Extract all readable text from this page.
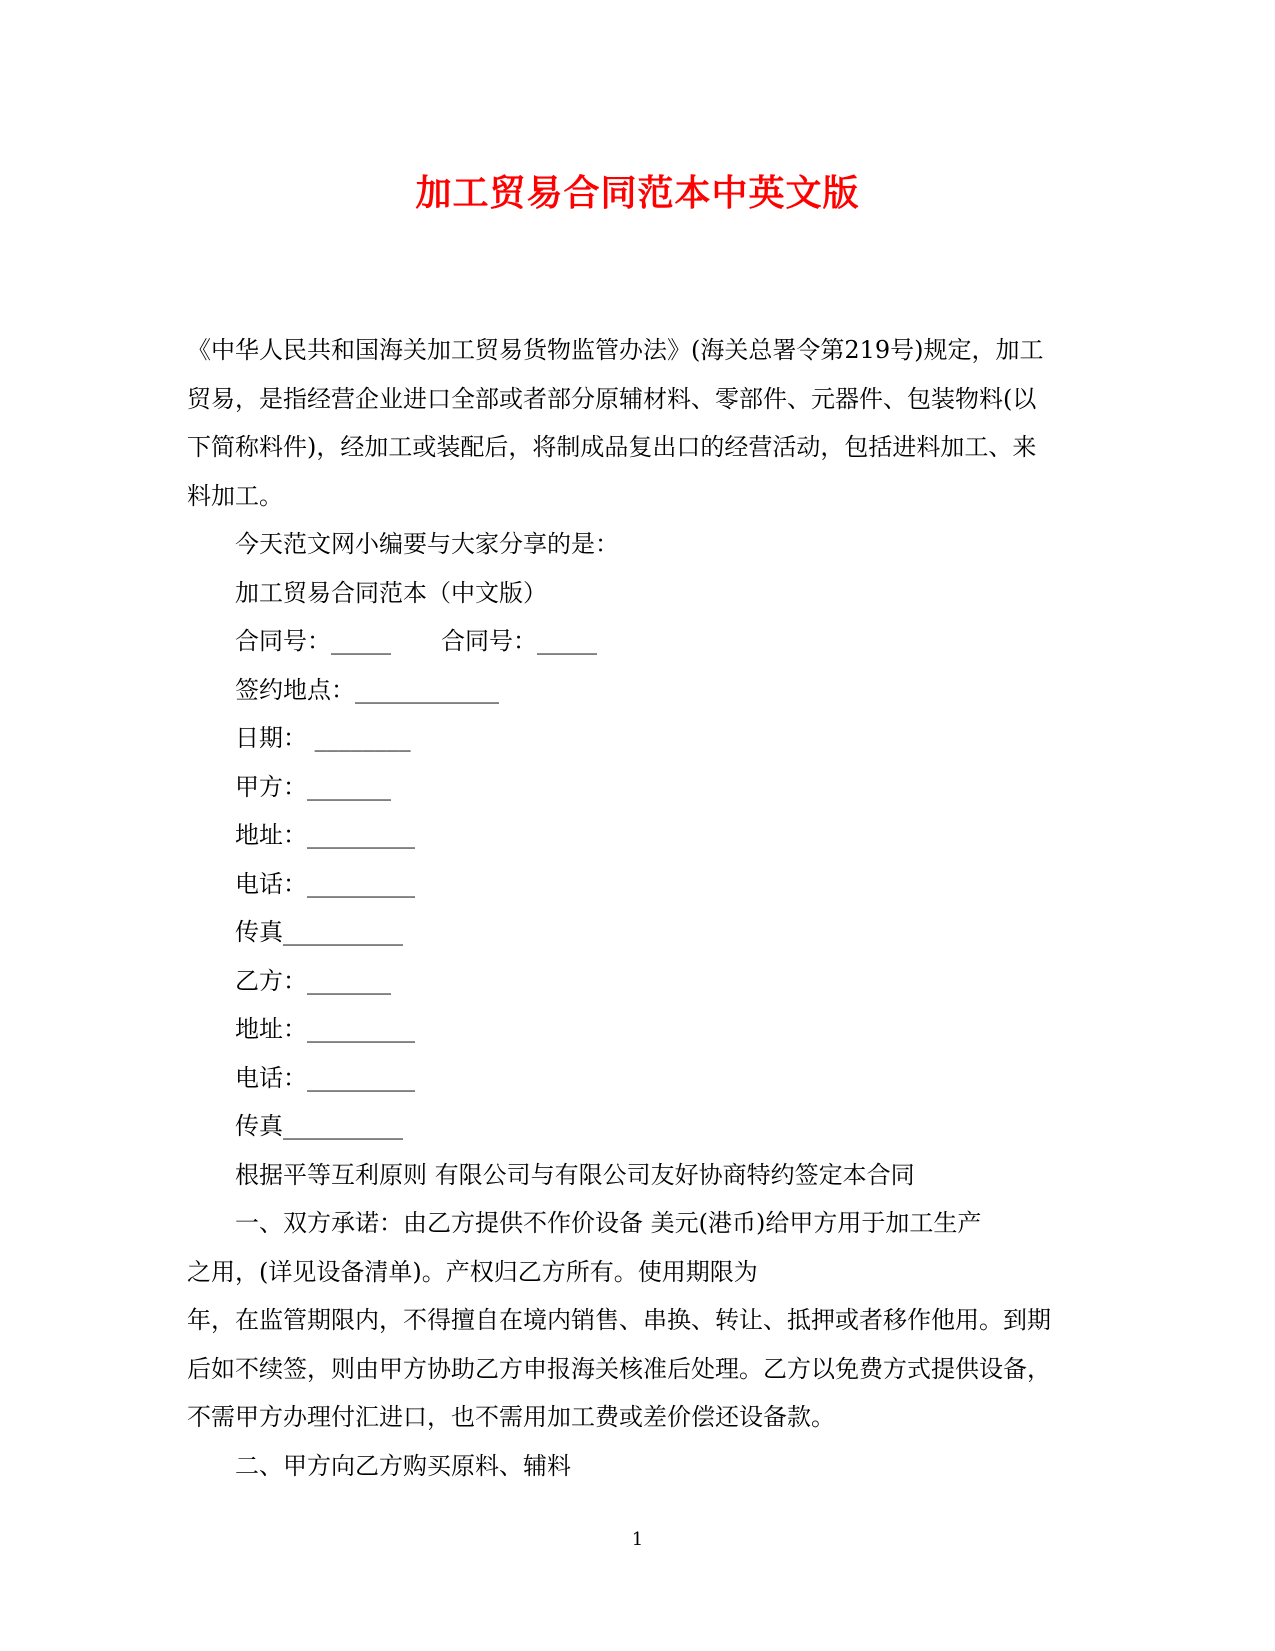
加工贸易合同范本中英文版
《中华人民共和国海关加工贸易货物监管办法》(海关总署令第219号)规定，加工
贸易，是指经营企业进口全部或者部分原辅材料、零部件、元器件、包装物料(以
下简称料件)，经加工或装配后，将制成品复出口的经营活动，包括进料加工、来
料加工。
今天范文网小编要与大家分享的是：
加工贸易合同范本（中文版）
合同号：_____ 合同号：_____
签约地点：____________
日期： ________
甲方：_______
地址：_________
电话：_________
传真__________
乙方：_______
地址：_________
电话：_________
传真__________
根据平等互利原则 有限公司与有限公司友好协商特约签定本合同
一、双方承诺：由乙方提供不作价设备 美元(港币)给甲方用于加工生产
之用，(详见设备清单)。产权归乙方所有。使用期限为
年，在监管期限内，不得擅自在境内销售、串换、转让、抵押或者移作他用。到期
后如不续签，则由甲方协助乙方申报海关核准后处理。乙方以免费方式提供设备，
不需甲方办理付汇进口，也不需用加工费或差价偿还设备款。
二、甲方向乙方购买原料、辅料
1
